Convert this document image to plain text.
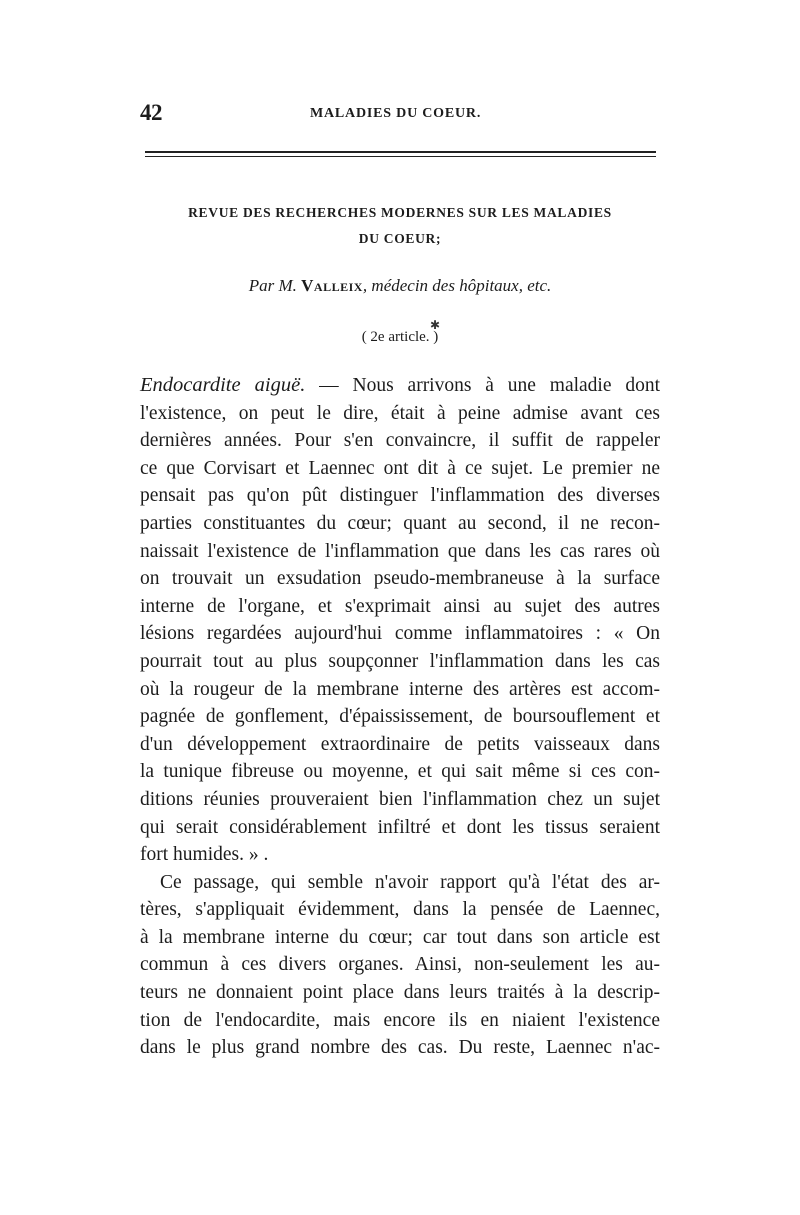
42	MALADIES DU COEUR.
REVUE DES RECHERCHES MODERNES SUR LES MALADIES
DU COEUR;
Par M. Valleix, médecin des hôpitaux, etc.
✱
( 2e article. )
Endocardite aiguë. — Nous arrivons à une maladie dont
l'existence, on peut le dire, était à peine admise avant ces
dernières années. Pour s'en convaincre, il suffit de rappeler
ce que Corvisart et Laennec ont dit à ce sujet. Le premier ne
pensait pas qu'on pût distinguer l'inflammation des diverses
parties constituantes du cœur; quant au second, il ne recon-
naissait l'existence de l'inflammation que dans les cas rares où
on trouvait un exsudation pseudo-membraneuse à la surface
interne de l'organe, et s'exprimait ainsi au sujet des autres
lésions regardées aujourd'hui comme inflammatoires : « On
pourrait tout au plus soupçonner l'inflammation dans les cas
où la rougeur de la membrane interne des artères est accom-
pagnée de gonflement, d'épaississement, de boursouflement et
d'un développement extraordinaire de petits vaisseaux dans
la tunique fibreuse ou moyenne, et qui sait même si ces con-
ditions réunies prouveraient bien l'inflammation chez un sujet
qui serait considérablement infiltré et dont les tissus seraient
fort humides. » .
Ce passage, qui semble n'avoir rapport qu'à l'état des ar-
tères, s'appliquait évidemment, dans la pensée de Laennec,
à la membrane interne du cœur; car tout dans son article est
commun à ces divers organes. Ainsi, non-seulement les au-
teurs ne donnaient point place dans leurs traités à la descrip-
tion de l'endocardite, mais encore ils en niaient l'existence
dans le plus grand nombre des cas. Du reste, Laennec n'ac-
